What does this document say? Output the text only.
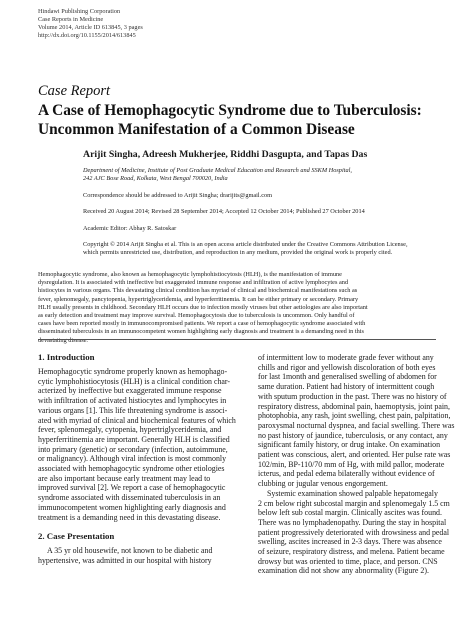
Hindawi Publishing Corporation
Case Reports in Medicine
Volume 2014, Article ID 613845, 3 pages
http://dx.doi.org/10.1155/2014/613845
Case Report
A Case of Hemophagocytic Syndrome due to Tuberculosis:
Uncommon Manifestation of a Common Disease
Arijit Singha, Adreesh Mukherjee, Riddhi Dasgupta, and Tapas Das
Department of Medicine, Institute of Post Graduate Medical Education and Research and SSKM Hospital,
242 AJC Bose Road, Kolkata, West Bengal 700020, India
Correspondence should be addressed to Arijit Singha; drarijits@gmail.com
Received 20 August 2014; Revised 28 September 2014; Accepted 12 October 2014; Published 27 October 2014
Academic Editor: Abhay R. Satoskar
Copyright © 2014 Arijit Singha et al. This is an open access article distributed under the Creative Commons Attribution License,
which permits unrestricted use, distribution, and reproduction in any medium, provided the original work is properly cited.
Hemophagocytic syndrome, also known as hemophagocytic lymphohistiocytosis (HLH), is the manifestation of immune
dysregulation. It is associated with ineffective but exaggerated immune response and infiltration of active lymphocytes and
histiocytes in various organs. This devastating clinical condition has myriad of clinical and biochemical manifestations such as
fever, splenomegaly, pancytopenia, hypertriglyceridemia, and hyperferritinemia. It can be either primary or secondary. Primary
HLH usually presents in childhood. Secondary HLH occurs due to infection mostly viruses but other aetiologies are also important
as early detection and treatment may improve survival. Hemophagocytosis due to tuberculosis is uncommon. Only handful of
cases have been reported mostly in immunocompromised patients. We report a case of hemophagocytic syndrome associated with
disseminated tuberculosis in an immunocompetent women highlighting early diagnosis and treatment is a demanding need in this
devastating disease.
1. Introduction
Hemophagocytic syndrome properly known as hemophago-
cytic lymphohistiocytosis (HLH) is a clinical condition char-
acterized by ineffective but exaggerated immune response
with infiltration of activated histiocytes and lymphocytes in
various organs [1]. This life threatening syndrome is associ-
ated with myriad of clinical and biochemical features of which
fever, splenomegaly, cytopenia, hypertriglyceridemia, and
hyperferritinemia are important. Generally HLH is classified
into primary (genetic) or secondary (infection, autoimmune,
or malignancy). Although viral infection is most commonly
associated with hemophagocytic syndrome other etiologies
are also important because early treatment may lead to
improved survival [2]. We report a case of hemophagocytic
syndrome associated with disseminated tuberculosis in an
immunocompetent women highlighting early diagnosis and
treatment is a demanding need in this devastating disease.
2. Case Presentation
A 35 yr old housewife, not known to be diabetic and
hypertensive, was admitted in our hospital with history
of intermittent low to moderate grade fever without any
chills and rigor and yellowish discoloration of both eyes
for last 1month and generalised swelling of abdomen for
same duration. Patient had history of intermittent cough
with sputum production in the past. There was no history of
respiratory distress, abdominal pain, haemoptysis, joint pain,
photophobia, any rash, joint swelling, chest pain, palpitation,
paroxysmal nocturnal dyspnea, and facial swelling. There was
no past history of jaundice, tuberculosis, or any contact, any
significant family history, or drug intake. On examination
patient was conscious, alert, and oriented. Her pulse rate was
102/min, BP-110/70 mm of Hg, with mild pallor, moderate
icterus, and pedal edema bilaterally without evidence of
clubbing or jugular venous engorgement.
Systemic examination showed palpable hepatomegaly
2 cm below right subcostal margin and splenomegaly 1.5 cm
below left sub costal margin. Clinically ascites was found.
There was no lymphadenopathy. During the stay in hospital
patient progressively deteriorated with drowsiness and pedal
swelling, ascites increased in 2-3 days. There was absence
of seizure, respiratory distress, and melena. Patient became
drowsy but was oriented to time, place, and person. CNS
examination did not show any abnormality (Figure 2).
